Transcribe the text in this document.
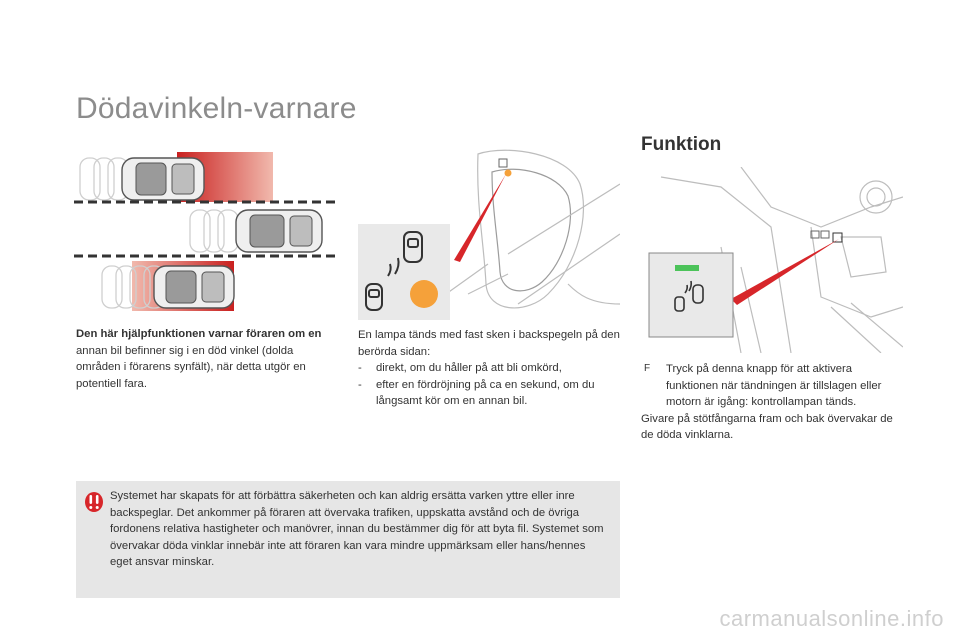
Dödavinkeln-varnare
Funktion
Den här hjälpfunktionen varnar föraren om en annan bil befinner sig i en död vinkel (dolda områden i förarens synfält), när detta utgör en potentiell fara.
En lampa tänds med fast sken i backspegeln på den berörda sidan:
- direkt, om du håller på att bli omkörd,
- efter en fördröjning på ca en sekund, om du långsamt kör om en annan bil.
F Tryck på denna knapp för att aktivera funktionen när tändningen är tillslagen eller motorn är igång: kontrollampan tänds.
Givare på stötfångarna fram och bak övervakar de de döda vinklarna.
Systemet har skapats för att förbättra säkerheten och kan aldrig ersätta varken yttre eller inre backspeglar. Det ankommer på föraren att övervaka trafiken, uppskatta avstånd och de övriga fordonens relativa hastigheter och manövrer, innan du bestämmer dig för att byta fil. Systemet som övervakar döda vinklar innebär inte att föraren kan vara mindre uppmärksam eller hans/hennes eget ansvar minskar.
carmanualsonline.info
